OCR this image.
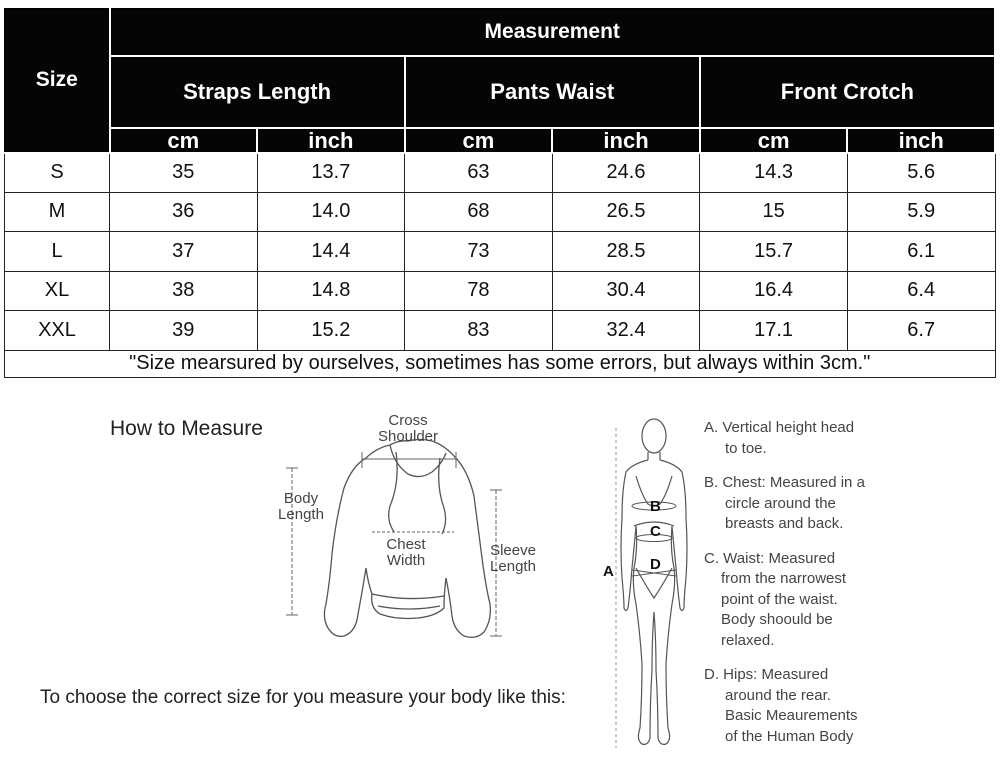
Size	Measurement					
	Straps Length		Pants Waist		Front Crotch	
	cm	inch	cm	inch	cm	inch
S	35	13.7	63	24.6	14.3	5.6
M	36	14.0	68	26.5	15	5.9
L	37	14.4	73	28.5	15.7	6.1
XL	38	14.8	78	30.4	16.4	6.4
XXL	39	15.2	83	32.4	17.1	6.7
"Size mearsured by ourselves, sometimes has some errors, but always within 3cm."						
How to Measure	Cross
Shoulder
Body
Length
Chest
Width
Sleeve
Length	A
B
C
D
A. Vertical height head
to toe.
B. Chest: Measured in a
circle around the
breasts and back.
C. Waist: Measured
from the narrowest
point of the waist.
Body shoould be
relaxed.
D. Hips: Measured
around the rear.
Basic Meaurements
of the Human Body
To choose the correct size for you measure your body like this:
